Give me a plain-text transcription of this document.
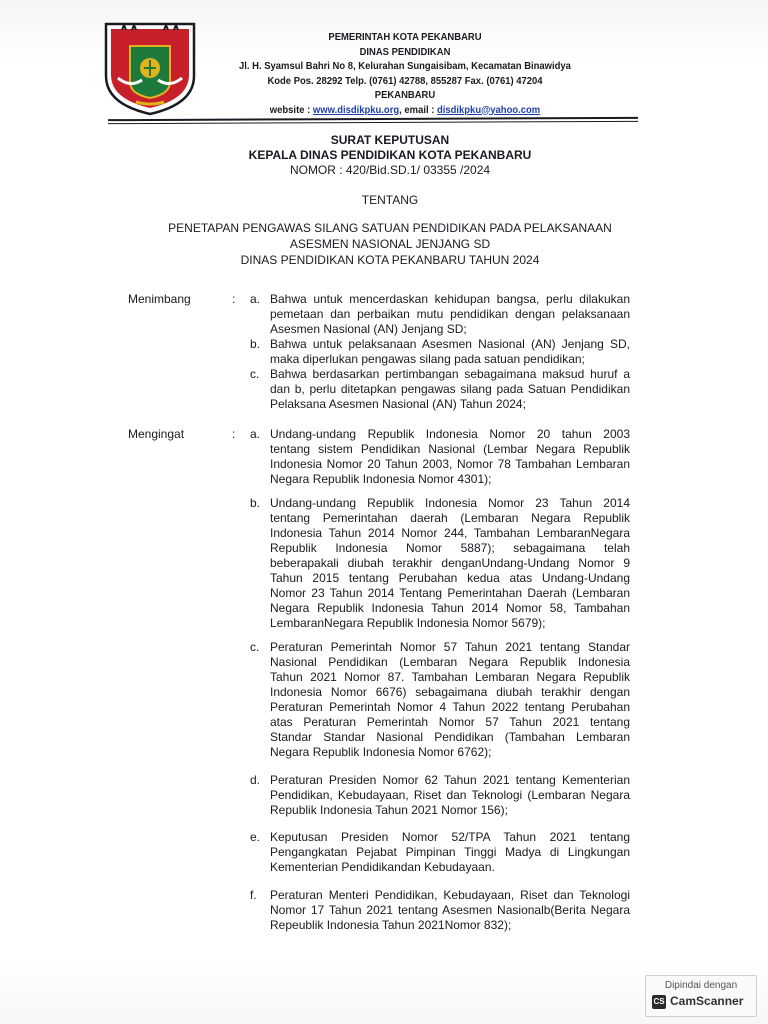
PEMERINTAH KOTA PEKANBARU
DINAS PENDIDIKAN
Jl. H. Syamsul Bahri No 8, Kelurahan Sungaisibam, Kecamatan Binawidya
Kode Pos. 28292 Telp. (0761) 42788, 855287 Fax. (0761) 47204
PEKANBARU
website : www.disdikpku.org, email : disdikpku@yahoo.com
SURAT KEPUTUSAN
KEPALA DINAS PENDIDIKAN KOTA PEKANBARU
NOMOR : 420/Bid.SD.1/ 03355 /2024
TENTANG
PENETAPAN PENGAWAS SILANG SATUAN PENDIDIKAN PADA PELAKSANAAN
ASESMEN NASIONAL JENJANG SD
DINAS PENDIDIKAN KOTA PEKANBARU TAHUN 2024
Menimbang	: a. Bahwa untuk mencerdaskan kehidupan bangsa, perlu dilakukan
pemetaan dan perbaikan mutu pendidikan dengan pelaksanaan
Asesmen Nasional (AN) Jenjang SD;
b. Bahwa untuk pelaksanaan Asesmen Nasional (AN) Jenjang SD,
maka diperlukan pengawas silang pada satuan pendidikan;
c. Bahwa berdasarkan pertimbangan sebagaimana maksud huruf a
dan b, perlu ditetapkan pengawas silang pada Satuan Pendidikan
Pelaksana Asesmen Nasional (AN) Tahun 2024;
Mengingat	: a. Undang-undang Republik Indonesia Nomor 20 tahun 2003
tentang sistem Pendidikan Nasional (Lembar Negara Republik
Indonesia Nomor 20 Tahun 2003, Nomor 78 Tambahan Lembaran
Negara Republik Indonesia Nomor 4301);
b. Undang-undang Republik Indonesia Nomor 23 Tahun 2014
tentang Pemerintahan daerah (Lembaran Negara Republik
Indonesia Tahun 2014 Nomor 244, Tambahan LembaranNegara
Republik Indonesia Nomor 5887); sebagaimana telah
beberapakali diubah terakhir denganUndang-Undang Nomor 9
Tahun 2015 tentang Perubahan kedua atas Undang-Undang
Nomor 23 Tahun 2014 Tentang Pemerintahan Daerah (Lembaran
Negara Republik Indonesia Tahun 2014 Nomor 58, Tambahan
LembaranNegara Republik Indonesia Nomor 5679);
c. Peraturan Pemerintah Nomor 57 Tahun 2021 tentang Standar
Nasional Pendidikan (Lembaran Negara Republik Indonesia
Tahun 2021 Nomor 87. Tambahan Lembaran Negara Republik
Indonesia Nomor 6676) sebagaimana diubah terakhir dengan
Peraturan Pemerintah Nomor 4 Tahun 2022 tentang Perubahan
atas Peraturan Pemerintah Nomor 57 Tahun 2021 tentang
Standar Standar Nasional Pendidikan (Tambahan Lembaran
Negara Republik Indonesia Nomor 6762);
d. Peraturan Presiden Nomor 62 Tahun 2021 tentang Kementerian
Pendidikan, Kebudayaan, Riset dan Teknologi (Lembaran Negara
Republik Indonesia Tahun 2021 Nomor 156);
e. Keputusan Presiden Nomor 52/TPA Tahun 2021 tentang
Pengangkatan Pejabat Pimpinan Tinggi Madya di Lingkungan
Kementerian Pendidikandan Kebudayaan.
f.	Peraturan Menteri Pendidikan, Kebudayaan, Riset dan Teknologi
Nomor 17 Tahun 2021 tentang Asesmen Nasionalb(Berita Negara
Repeublik Indonesia Tahun 2021Nomor 832);
Dipindai dengan
CS CamScanner
